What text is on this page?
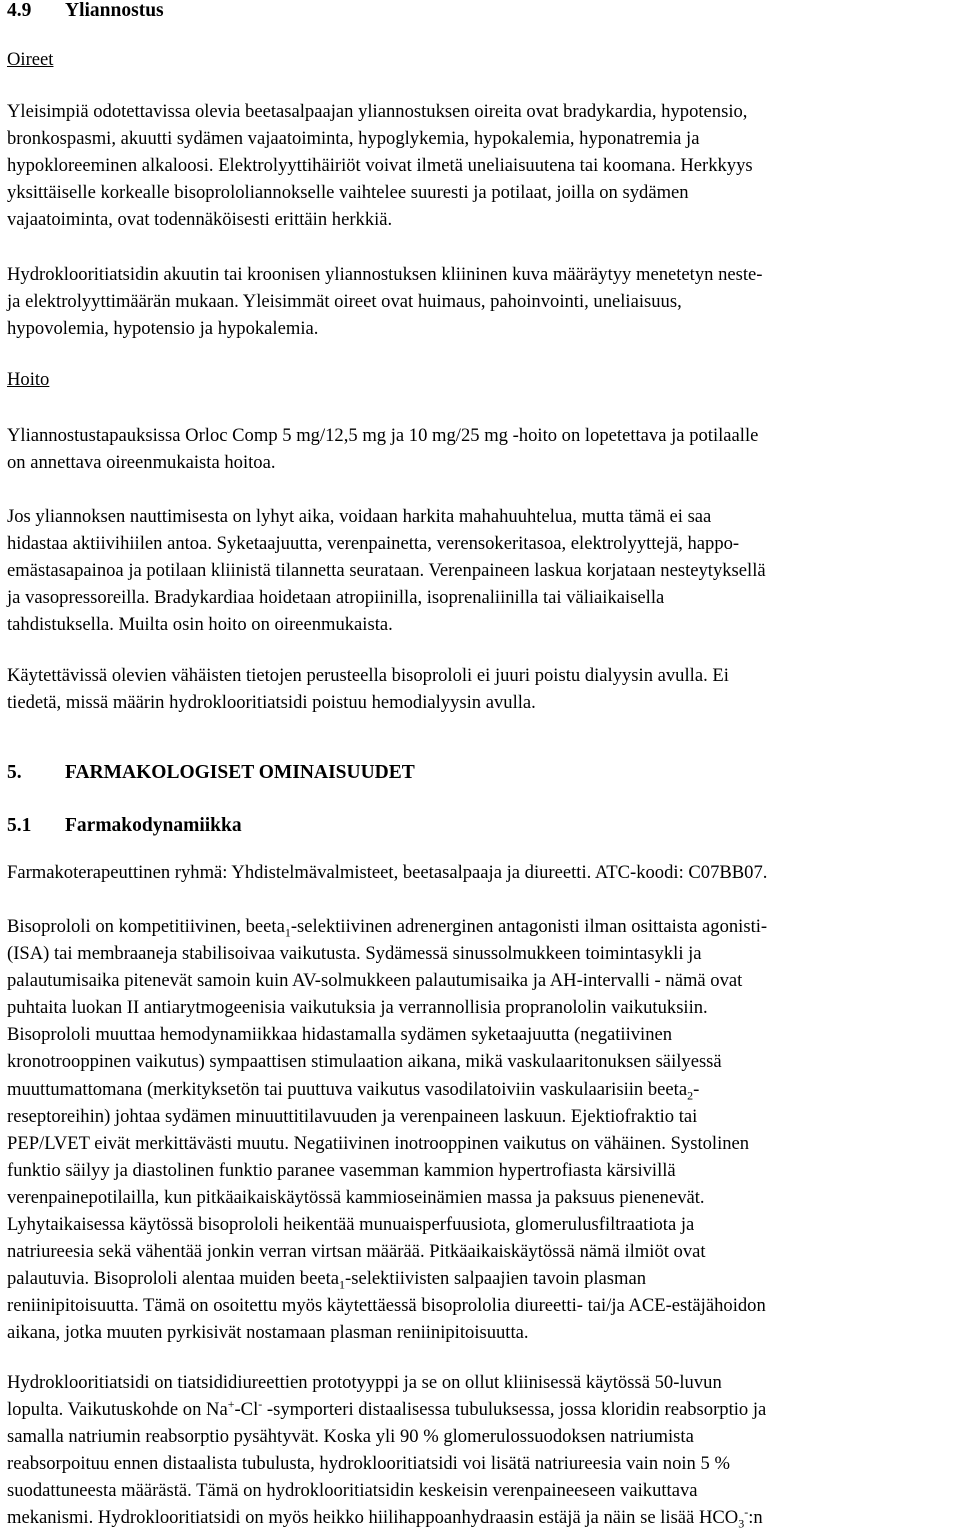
4.9 Yliannostus
Oireet
Yleisimpiä odotettavissa olevia beetasalpaajan yliannostuksen oireita ovat bradykardia, hypotensio,
bronkospasmi, akuutti sydämen vajaatoiminta, hypoglykemia, hypokalemia, hyponatremia ja
hypokloreeminen alkaloosi. Elektrolyyttihäiriöt voivat ilmetä uneliaisuutena tai koomana. Herkkyys
yksittäiselle korkealle bisoprololiannokselle vaihtelee suuresti ja potilaat, joilla on sydämen
vajaatoiminta, ovat todennäköisesti erittäin herkkiä.
Hydroklooritiatsidin akuutin tai kroonisen yliannostuksen kliininen kuva määräytyy menetetyn neste-
ja elektrolyyttimäärän mukaan. Yleisimmät oireet ovat huimaus, pahoinvointi, uneliaisuus,
hypovolemia, hypotensio ja hypokalemia.
Hoito
Yliannostustapauksissa Orloc Comp 5 mg/12,5 mg ja 10 mg/25 mg -hoito on lopetettava ja potilaalle
on annettava oireenmukaista hoitoa.
Jos yliannoksen nauttimisesta on lyhyt aika, voidaan harkita mahahuuhtelua, mutta tämä ei saa
hidastaa aktiivihiilen antoa. Syketaajuutta, verenpainetta, verensokeritasoa, elektrolyyttejä, happo-
emästasapainoa ja potilaan kliinistä tilannetta seurataan. Verenpaineen laskua korjataan nesteytyksellä
ja vasopressoreilla. Bradykardiaa hoidetaan atropiinilla, isoprenaliinilla tai väliaikaisella
tahdistuksella. Muilta osin hoito on oireenmukaista.
Käytettävissä olevien vähäisten tietojen perusteella bisoprololi ei juuri poistu dialyysin avulla. Ei
tiedetä, missä määrin hydroklooritiatsidi poistuu hemodialyysin avulla.
5. FARMAKOLOGISET OMINAISUUDET
5.1 Farmakodynamiikka
Farmakoterapeuttinen ryhmä: Yhdistelmävalmisteet, beetasalpaaja ja diureetti. ATC-koodi: C07BB07.
Bisoprololi on kompetitiivinen, beeta$_1$-selektiivinen adrenerginen antagonisti ilman osittaista agonisti-
(ISA) tai membraaneja stabilisoivaa vaikutusta. Sydämessä sinussolmukkeen toimintasykli ja
palautumisaika pitenevät samoin kuin AV-solmukkeen palautumisaika ja AH-intervalli - nämä ovat
puhtaita luokan II antiarytmogeenisia vaikutuksia ja verrannollisia propranololin vaikutuksiin.
Bisoprololi muuttaa hemodynamiikkaa hidastamalla sydämen syketaajuutta (negatiivinen
kronotrooppinen vaikutus) sympaattisen stimulaation aikana, mikä vaskulaaritonuksen säilyessä
muuttumattomana (merkityksetön tai puuttuva vaikutus vasodilatoiviin vaskulaarisiin beeta$_2$-
reseptoreihin) johtaa sydämen minuuttitilavuuden ja verenpaineen laskuun. Ejektiofraktio tai
PEP/LVET eivät merkittävästi muutu. Negatiivinen inotrooppinen vaikutus on vähäinen. Systolinen
funktio säilyy ja diastolinen funktio paranee vasemman kammion hypertrofiasta kärsivillä
verenpainepotilailla, kun pitkäaikaiskäytössä kammioseinämien massa ja paksuus pienenevät.
Lyhytaikaisessa käytössä bisoprololi heikentää munuaisperfuusiota, glomerulusfiltraatiota ja
natriureesia sekä vähentää jonkin verran virtsan määrää. Pitkäaikaiskäytössä nämä ilmiöt ovat
palautuvia. Bisoprololi alentaa muiden beeta$_1$-selektiivisten salpaajien tavoin plasman
reniinipitoisuutta. Tämä on osoitettu myös käytettäessä bisoprololia diureetti- tai/ja ACE-estäjähoidon
aikana, jotka muuten pyrkisivät nostamaan plasman reniinipitoisuutta.
Hydroklooritiatsidi on tiatsididiureettien prototyyppi ja se on ollut kliinisessä käytössä 50-luvun
lopulta. Vaikutuskohde on Na+-Cl- -symporteri distaalisessa tubuluksessa, jossa kloridin reabsorptio ja
samalla natriumin reabsorptio pysähtyvät. Koska yli 90 % glomerulossuodoksen natriumista
reabsorpoituu ennen distaalista tubulusta, hydroklooritiatsidi voi lisätä natriureesia vain noin 5 %
suodattuneesta määrästä. Tämä on hydroklooritiatsidin keskeisin verenpaineeseen vaikuttava
mekanismi. Hydroklooritiatsidi on myös heikko hiilihappoanhydraasin estäjä ja näin se lisää $HCO_3^-:n$
